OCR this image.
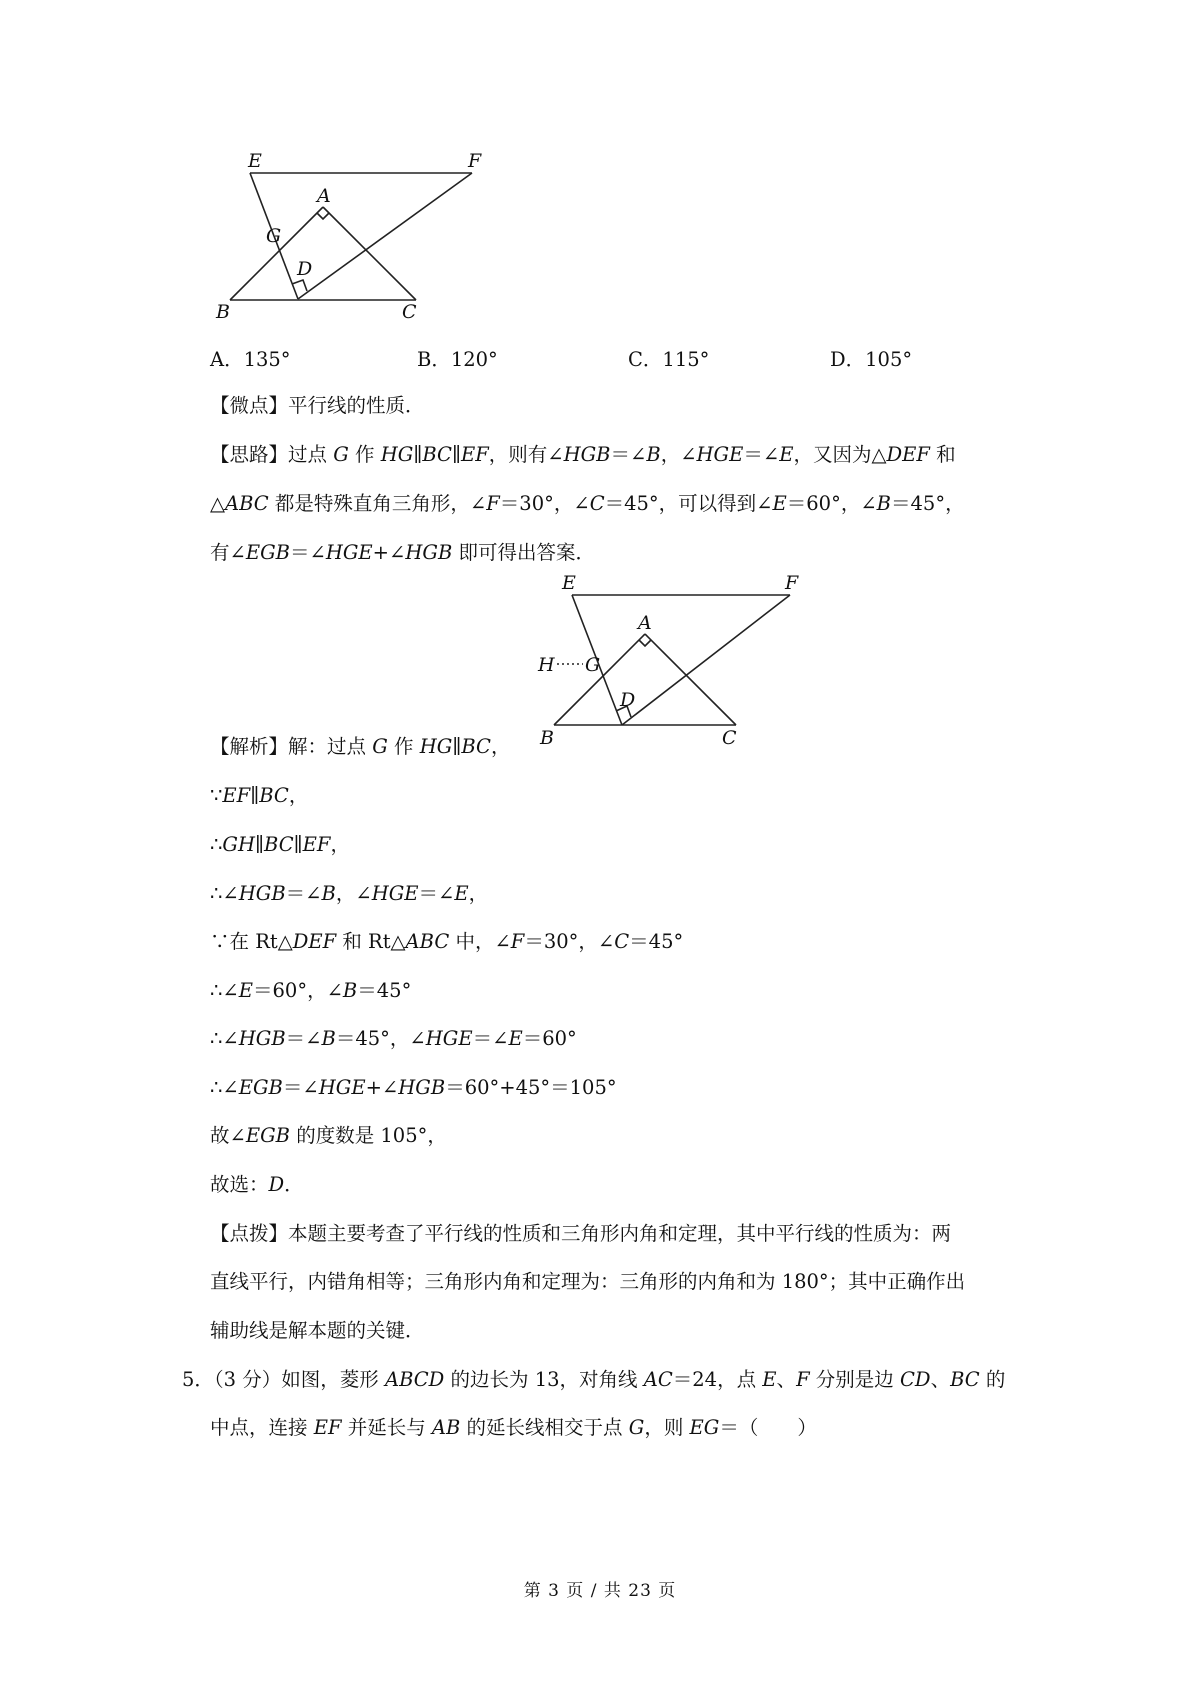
E	F
A
G
D
B	C
A．135°	B．120°	C．115°	D．105°
【微点】平行线的性质．
【思路】过点 G 作 HG∥BC∥EF，则有∠HGB＝∠B，∠HGE＝∠E，又因为△DEF 和
△ABC 都是特殊直角三角形，∠F＝30°，∠C＝45°，可以得到∠E＝60°，∠B＝45°，
有∠EGB＝∠HGE+∠HGB 即可得出答案．
E	F
A
H G
D
B	C
【解析】解：过点 G 作 HG∥BC，
∵EF∥BC，
∴GH∥BC∥EF，
∴∠HGB＝∠B，∠HGE＝∠E，
∵在 Rt△DEF 和 Rt△ABC 中，∠F＝30°，∠C＝45°
∴∠E＝60°，∠B＝45°
∴∠HGB＝∠B＝45°，∠HGE＝∠E＝60°
∴∠EGB＝∠HGE+∠HGB＝60°+45°＝105°
故∠EGB 的度数是 105°，
故选：D．
【点拨】本题主要考查了平行线的性质和三角形内角和定理，其中平行线的性质为：两
直线平行，内错角相等；三角形内角和定理为：三角形的内角和为 180°；其中正确作出
辅助线是解本题的关键．
5．（3 分）如图，菱形 ABCD 的边长为 13，对角线 AC＝24，点 E、F 分别是边 CD、BC 的
中点，连接 EF 并延长与 AB 的延长线相交于点 G，则 EG＝（　　）
第 3 页 / 共 23 页
